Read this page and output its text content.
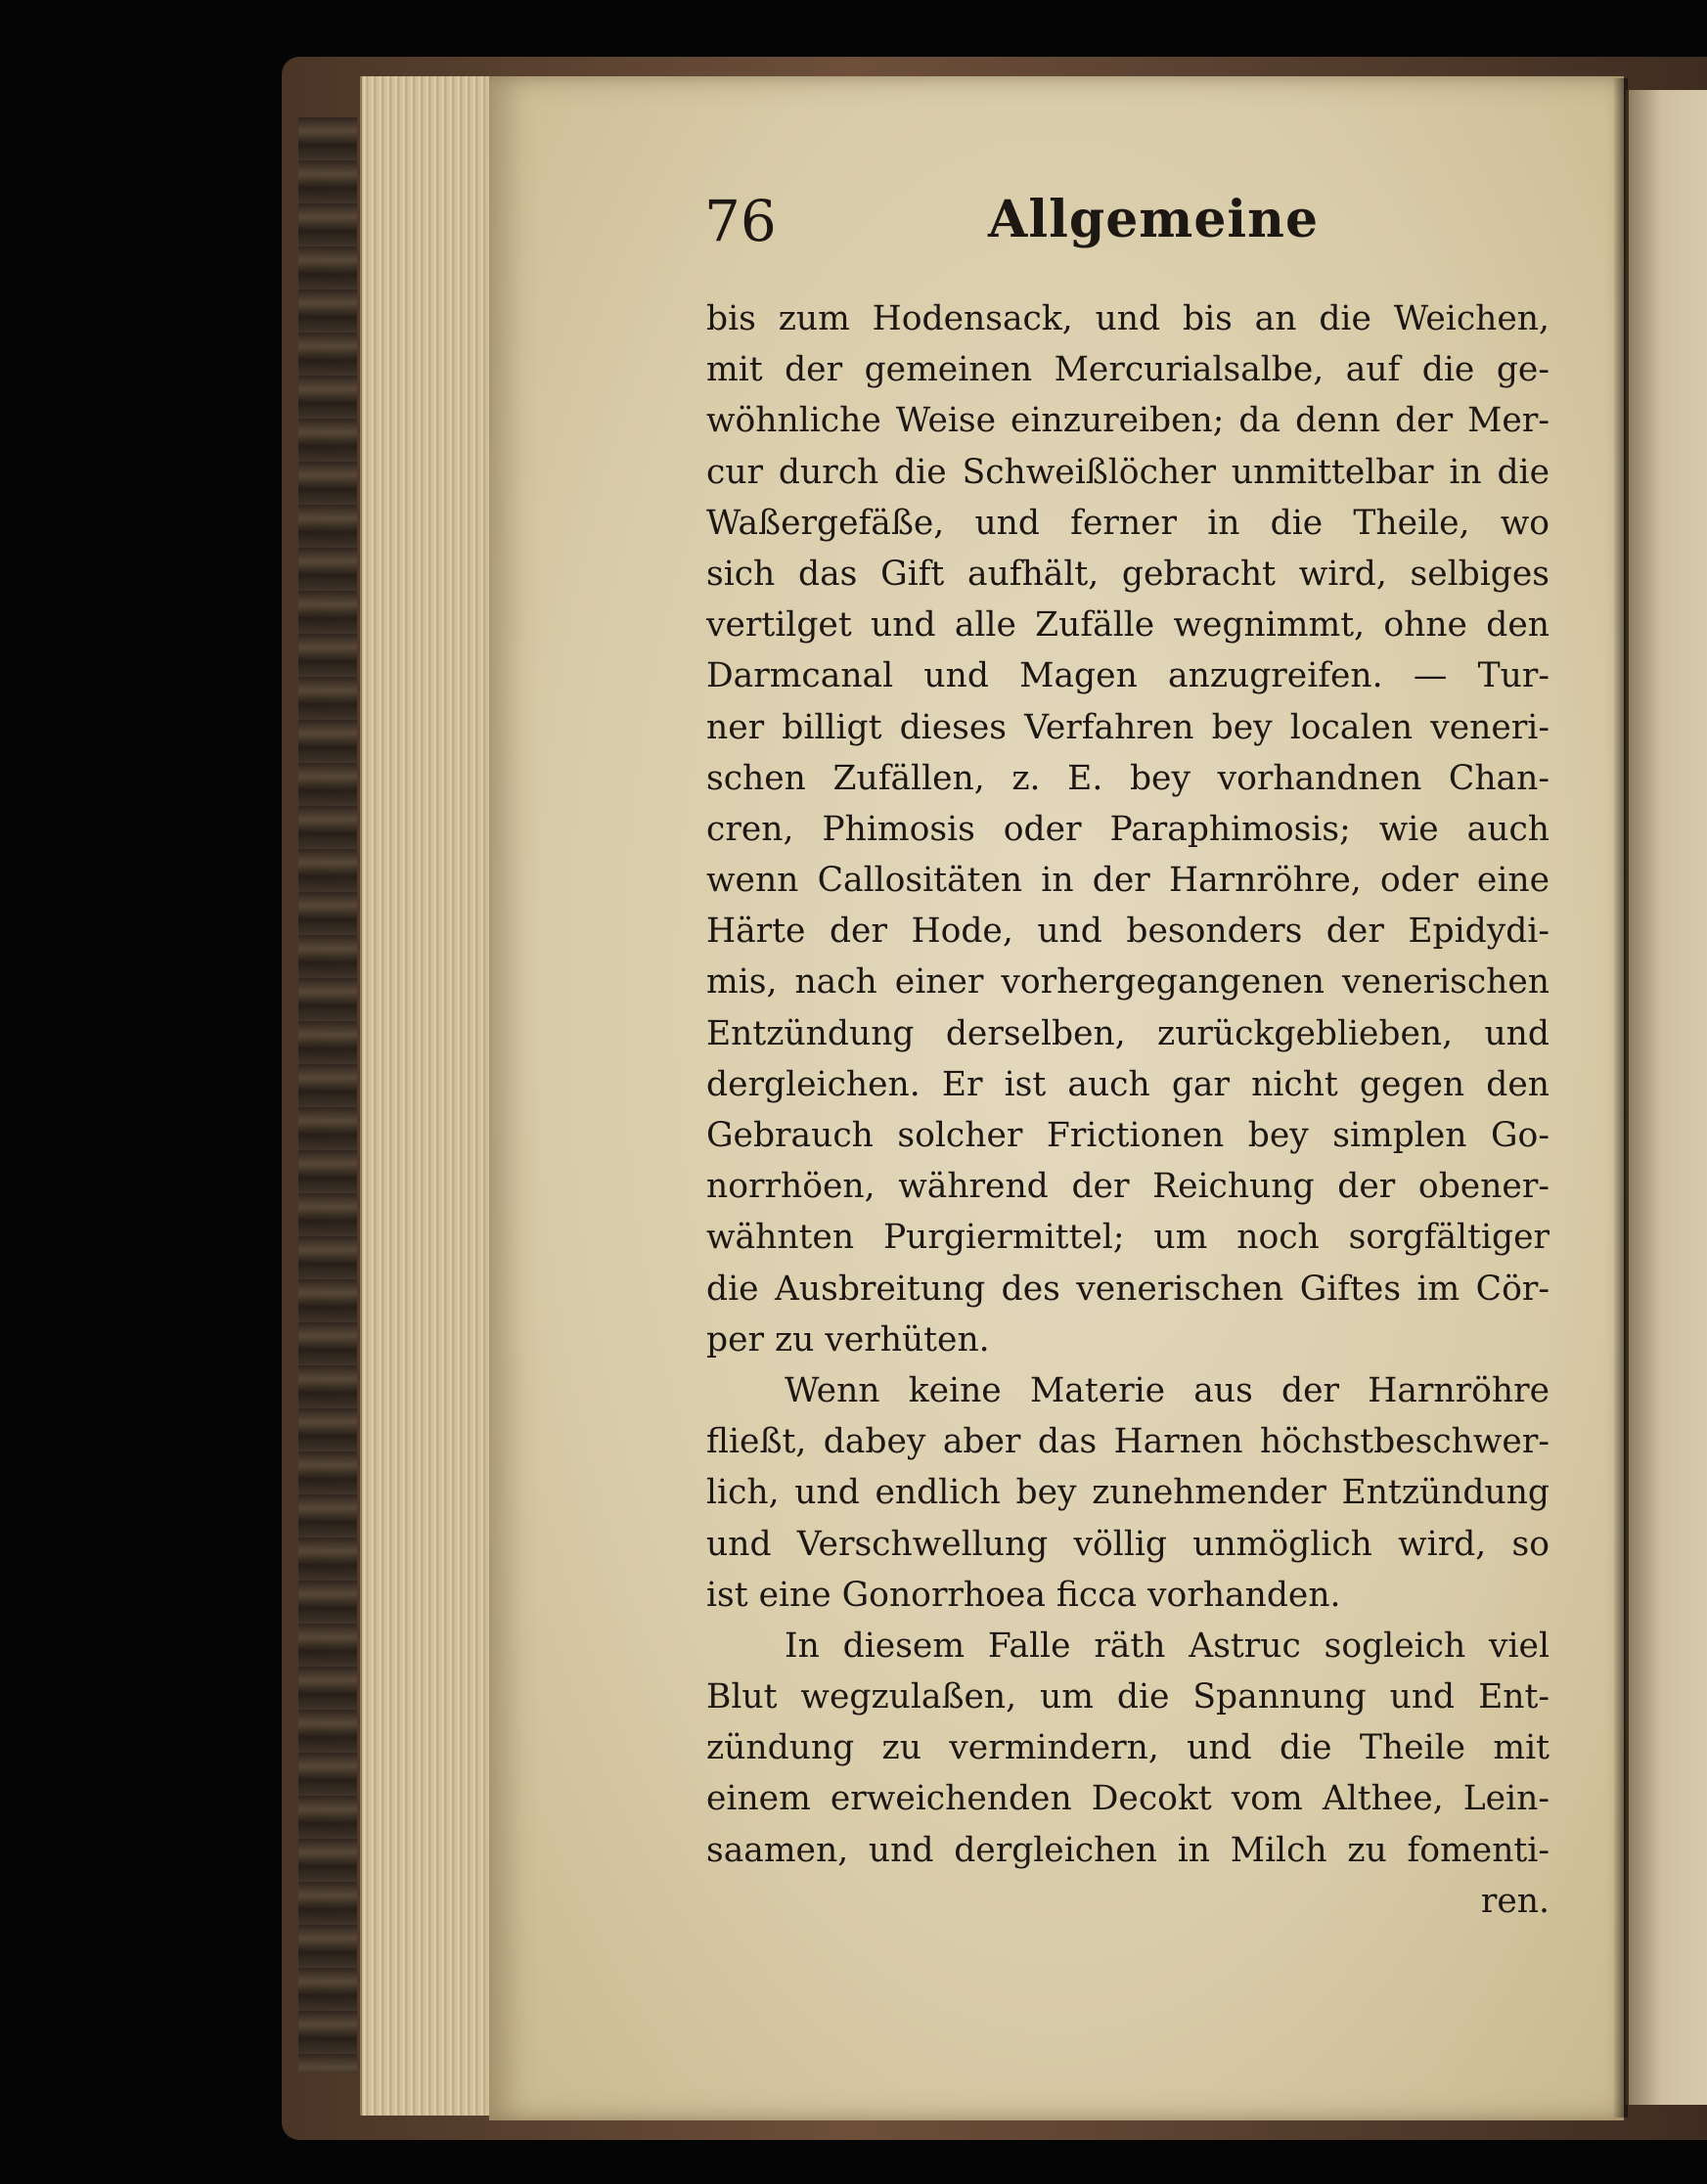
76	Allgemeine
bis zum Hodensack, und bis an die Weichen,
mit der gemeinen Mercurialsalbe, auf die ge-
wöhnliche Weise einzureiben; da denn der Mer-
cur durch die Schweißlöcher unmittelbar in die
Waßergefäße, und ferner in die Theile, wo
sich das Gift aufhält, gebracht wird, selbiges
vertilget und alle Zufälle wegnimmt, ohne den
Darmcanal und Magen anzugreifen. — Tur-
ner billigt dieses Verfahren bey localen veneri-
schen Zufällen, z. E. bey vorhandnen Chan-
cren, Phimosis oder Paraphimosis; wie auch
wenn Callositäten in der Harnröhre, oder eine
Härte der Hode, und besonders der Epidydi-
mis, nach einer vorhergegangenen venerischen
Entzündung derselben, zurückgeblieben, und
dergleichen. Er ist auch gar nicht gegen den
Gebrauch solcher Frictionen bey simplen Go-
norrhöen, während der Reichung der obener-
wähnten Purgiermittel; um noch sorgfältiger
die Ausbreitung des venerischen Giftes im Cör-
per zu verhüten.
Wenn keine Materie aus der Harnröhre
fließt, dabey aber das Harnen höchstbeschwer-
lich, und endlich bey zunehmender Entzündung
und Verschwellung völlig unmöglich wird, so
ist eine Gonorrhoea ficca vorhanden.
In diesem Falle räth Astruc sogleich viel
Blut wegzulaßen, um die Spannung und Ent-
zündung zu vermindern, und die Theile mit
einem erweichenden Decokt vom Althee, Lein-
saamen, und dergleichen in Milch zu fomenti-
ren.
